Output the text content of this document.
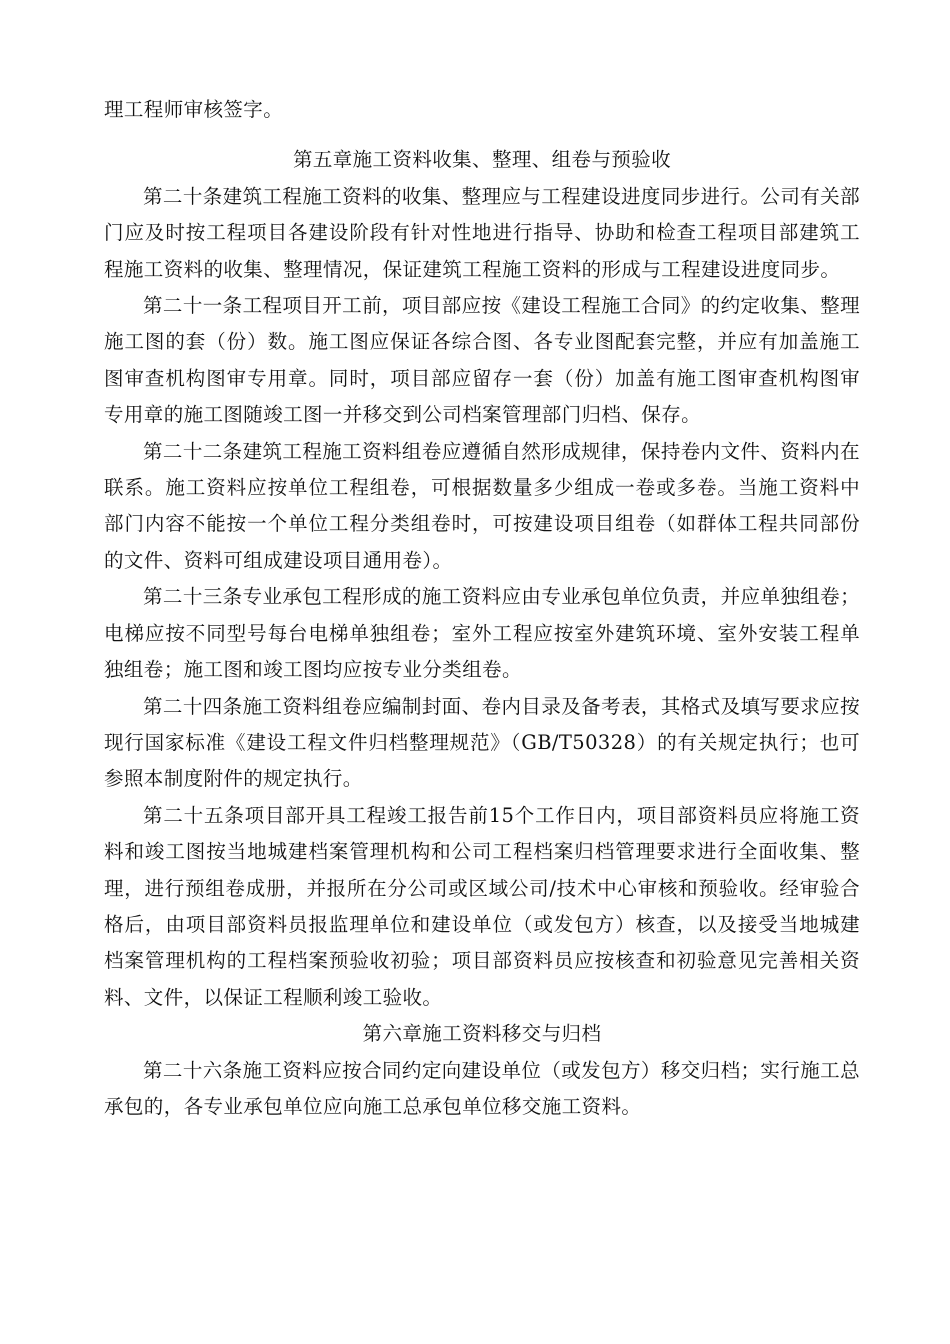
理工程师审核签字。

第五章施工资料收集、整理、组卷与预验收

第二十条建筑工程施工资料的收集、整理应与工程建设进度同步进行。公司有关部门应及时按工程项目各建设阶段有针对性地进行指导、协助和检查工程项目部建筑工程施工资料的收集、整理情况，保证建筑工程施工资料的形成与工程建设进度同步。

第二十一条工程项目开工前，项目部应按《建设工程施工合同》的约定收集、整理施工图的套（份）数。施工图应保证各综合图、各专业图配套完整，并应有加盖施工图审查机构图审专用章。同时，项目部应留存一套（份）加盖有施工图审查机构图审专用章的施工图随竣工图一并移交到公司档案管理部门归档、保存。

第二十二条建筑工程施工资料组卷应遵循自然形成规律，保持卷内文件、资料内在联系。施工资料应按单位工程组卷，可根据数量多少组成一卷或多卷。当施工资料中部门内容不能按一个单位工程分类组卷时，可按建设项目组卷（如群体工程共同部份的文件、资料可组成建设项目通用卷）。

第二十三条专业承包工程形成的施工资料应由专业承包单位负责，并应单独组卷；电梯应按不同型号每台电梯单独组卷；室外工程应按室外建筑环境、室外安装工程单独组卷；施工图和竣工图均应按专业分类组卷。

第二十四条施工资料组卷应编制封面、卷内目录及备考表，其格式及填写要求应按现行国家标准《建设工程文件归档整理规范》（GB/T50328）的有关规定执行；也可参照本制度附件的规定执行。

第二十五条项目部开具工程竣工报告前15个工作日内，项目部资料员应将施工资料和竣工图按当地城建档案管理机构和公司工程档案归档管理要求进行全面收集、整理，进行预组卷成册，并报所在分公司或区域公司/技术中心审核和预验收。经审验合格后，由项目部资料员报监理单位和建设单位（或发包方）核查，以及接受当地城建档案管理机构的工程档案预验收初验；项目部资料员应按核查和初验意见完善相关资料、文件，以保证工程顺利竣工验收。

第六章施工资料移交与归档

第二十六条施工资料应按合同约定向建设单位（或发包方）移交归档；实行施工总承包的，各专业承包单位应向施工总承包单位移交施工资料。
